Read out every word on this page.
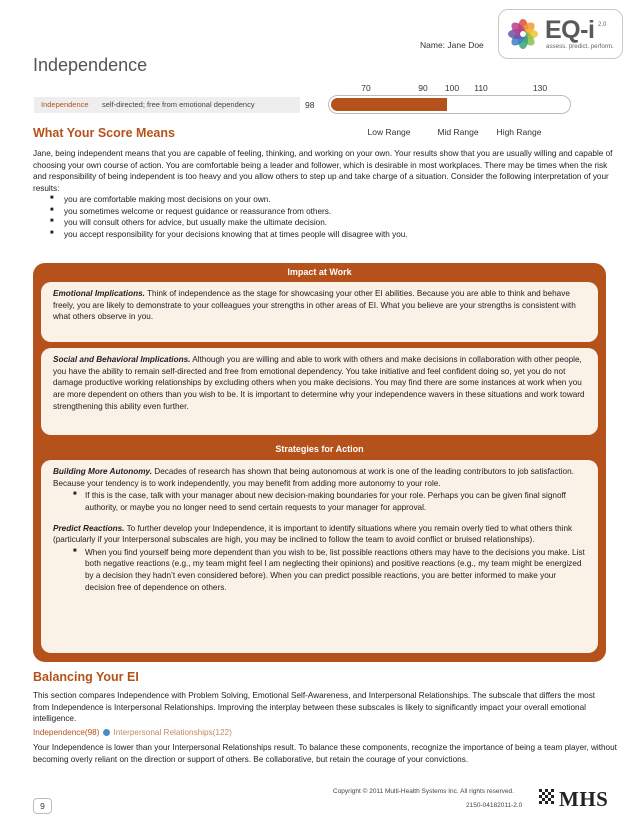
Name: Jane Doe
EQ-i 2.0
assess. predict. perform.
Independence
Independence self-directed; free from emotional dependency	98
70	90 100 110	130
Low Range	Mid Range High Range
What Your Score Means

Jane, being independent means that you are capable of feeling, thinking, and working on your own. Your results show that you are usually willing and capable of choosing your own course of action. You are comfortable being a leader and follower, which is desirable in most workplaces. There may be times when the risk and responsibility of being independent is too heavy and you allow others to step up and take charge of a situation. Consider the following interpretation of your results:

■ you are comfortable making most decisions on your own.
■ you sometimes welcome or request guidance or reassurance from others.
■ you will consult others for advice, but usually make the ultimate decision.
■ you accept responsibility for your decisions knowing that at times people will disagree with you.
Impact at Work

Emotional Implications. Think of independence as the stage for showcasing your other EI abilities. Because you are able to think and behave freely, you are likely to demonstrate to your colleagues your strengths in other areas of EI. What you believe are your strengths is consistent with what others observe in you.

Social and Behavioral Implications. Although you are willing and able to work with others and make decisions in collaboration with other people, you have the ability to remain self-directed and free from emotional dependency. You take initiative and feel confident doing so, yet you do not damage productive working relationships by excluding others when you make decisions. You may find there are some instances at work when you are more dependent on others than you wish to be. It is important to determine why your independence wavers in these situations and work toward strengthening this ability even further.

Strategies for Action

Building More Autonomy. Decades of research has shown that being autonomous at work is one of the leading contributors to job satisfaction. Because your tendency is to work independently, you may benefit from adding more autonomy to your role.

■ If this is the case, talk with your manager about new decision-making boundaries for your role. Perhaps you can be given final signoff authority, or maybe you no longer need to send certain requests to your manager for approval.

Predict Reactions. To further develop your Independence, it is important to identify situations where you remain overly tied to what others think (particularly if your Interpersonal subscales are high, you may be inclined to follow the team to avoid conflict or bruised relationships).

■ When you find yourself being more dependent than you wish to be, list possible reactions others may have to the decisions you make. List both negative reactions (e.g., my team might feel I am neglecting their opinions) and positive reactions (e.g., my team might be energized by a decision they hadn’t even considered before). When you can predict possible reactions, you are better informed to make your decision free of dependence on others.
Balancing Your EI

This section compares Independence with Problem Solving, Emotional Self-Awareness, and Interpersonal Relationships. The subscale that differs the most from Independence is Interpersonal Relationships. Improving the interplay between these subscales is likely to significantly impact your overall emotional intelligence.

Independence(98) Interpersonal Relationships(122)

Your Independence is lower than your Interpersonal Relationships result. To balance these components, recognize the importance of being a team player, without becoming overly reliant on the direction or support of others. Be collaborative, but retain the courage of your convictions.

9
Copyright © 2011 Multi-Health Systems Inc. All rights reserved.
2150-04182011-2.0 MHS
